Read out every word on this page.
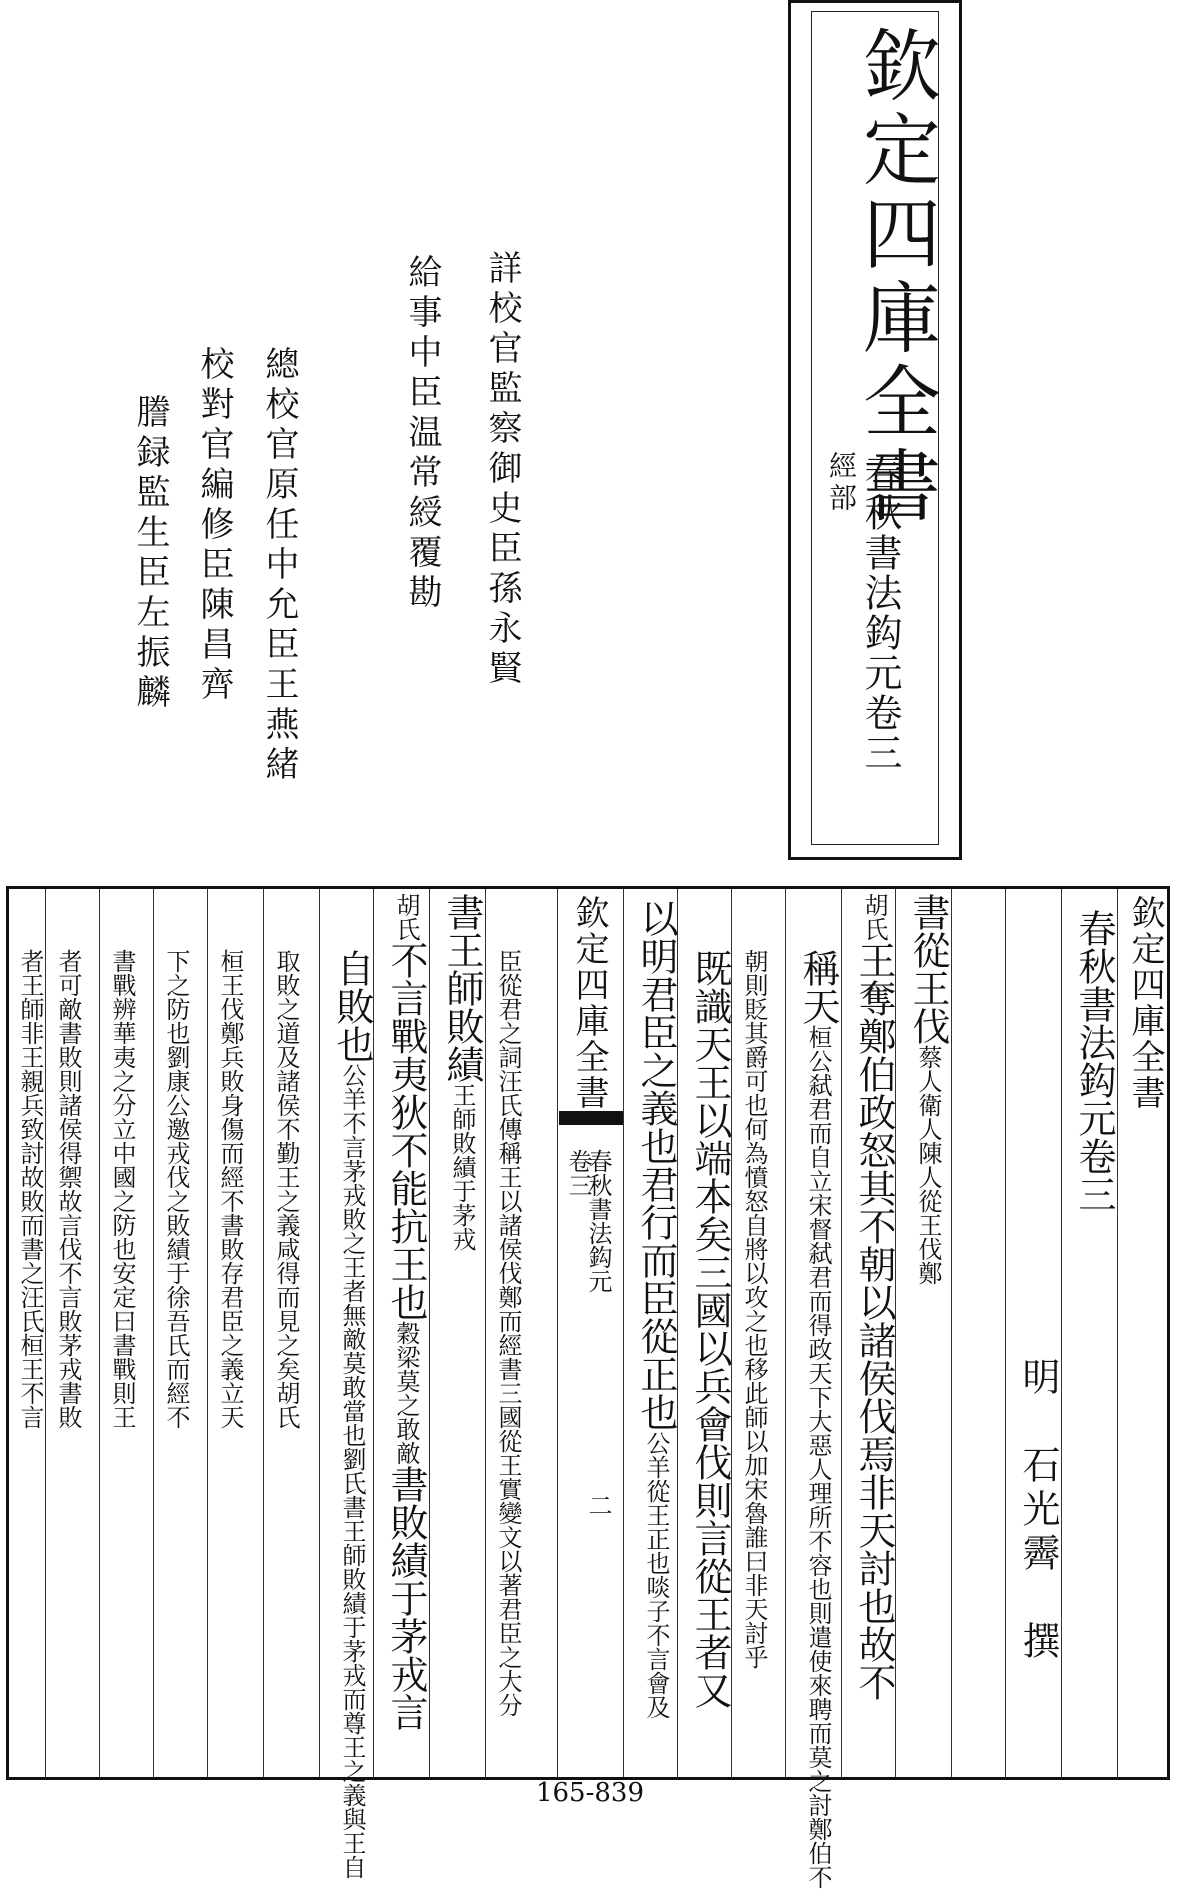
欽定四庫全書
經部 春秋書法鈎元卷三
詳校官監察御史臣孫永賢
給事中臣温常綬覆勘
總校官原任中允臣王燕緒
校對官編修臣陳昌齊
謄録監生臣左振麟
欽定四庫全書
春秋書法鈎元卷三
明　石光霽　撰
書從王伐蔡人衛人陳人從王伐鄭
胡氏王奪鄭伯政怒其不朝以諸侯伐焉非天討也故不
稱天桓公弑君而自立宋督弑君而得政天下大惡人理所不容也則遣使來聘而莫之討鄭伯不
朝則貶其爵可也何為憤怒自將以攻之也移此師以加宋魯誰曰非天討乎
既識天王以端本矣三國以兵會伐則言從王者又
以明君臣之義也君行而臣從正也公羊從王正也啖子不言會及
欽定四庫全書
春秋書法鈎元
卷三
二
臣從君之詞汪氏傳稱王以諸侯伐鄭而經書三國從王實變文以著君臣之大分
書王師敗績王師敗績于茅戎
胡氏不言戰夷狄不能抗王也穀梁莫之敢敵書敗績于茅戎言
自敗也公羊不言茅戎敗之王者無敵莫敢當也劉氏書王師敗績于茅戎而尊王之義與王自
取敗之道及諸侯不勤王之義咸得而見之矣胡氏
桓王伐鄭兵敗身傷而經不書敗存君臣之義立天
下之防也劉康公邀戎伐之敗績于徐吾氏而經不
書戰辨華夷之分立中國之防也安定曰書戰則王
者可敵書敗則諸侯得禦故言伐不言敗茅戎書敗
者王師非王親兵致討故敗而書之汪氏桓王不言
165-839
